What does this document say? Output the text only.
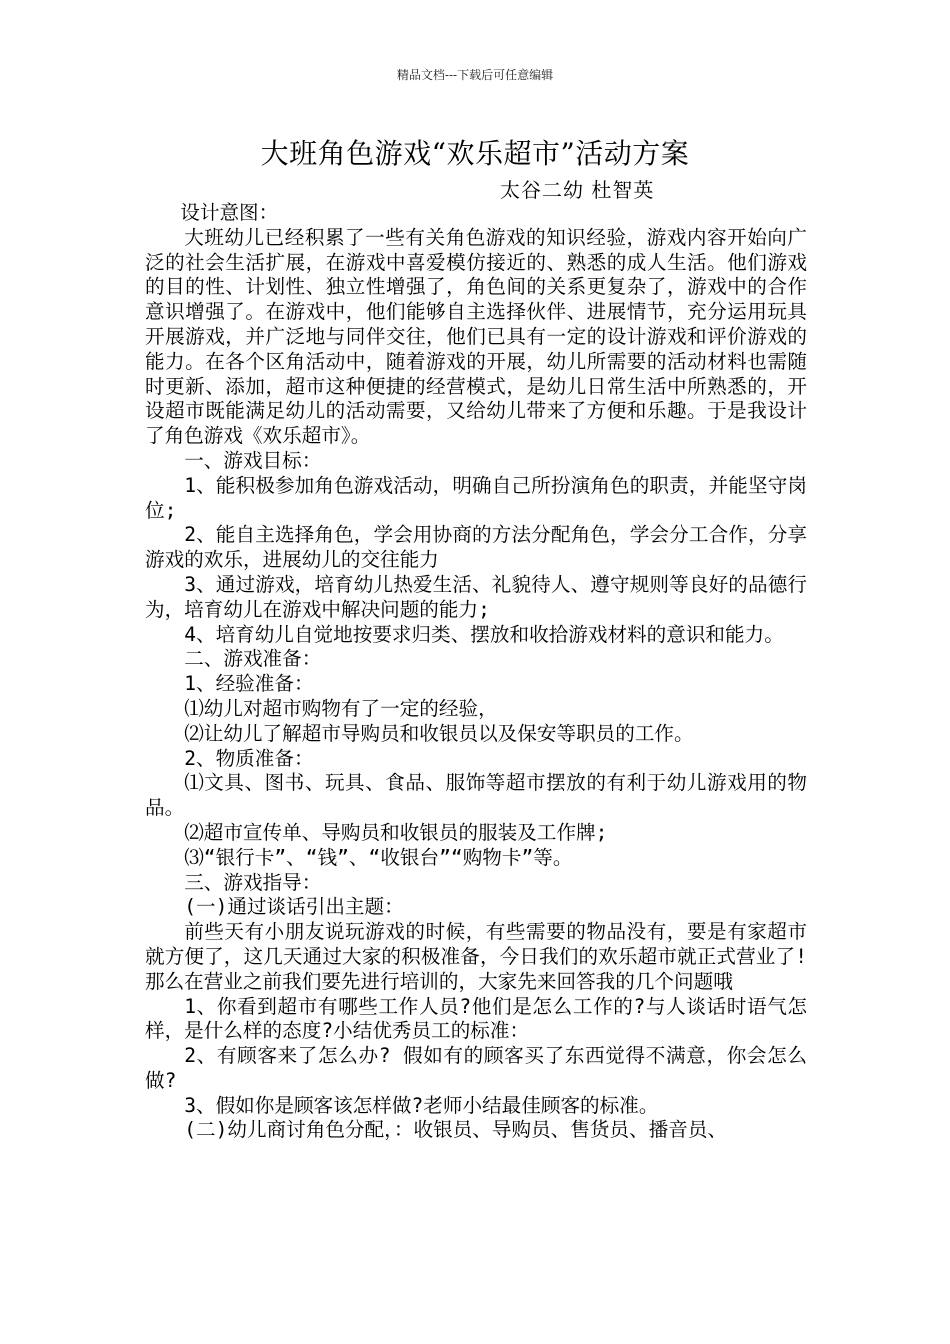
精品文档---下载后可任意编辑
大班角色游戏“欢乐超市”活动方案
太谷二幼 杜智英

设计意图：

大班幼儿已经积累了一些有关角色游戏的知识经验，游戏内容开始向广泛的社会生活扩展，在游戏中喜爱模仿接近的、熟悉的成人生活。他们游戏的目的性、计划性、独立性增强了，角色间的关系更复杂了，游戏中的合作意识增强了。在游戏中，他们能够自主选择伙伴、进展情节，充分运用玩具开展游戏，并广泛地与同伴交往，他们已具有一定的设计游戏和评价游戏的能力。在各个区角活动中，随着游戏的开展，幼儿所需要的活动材料也需随时更新、添加，超市这种便捷的经营模式，是幼儿日常生活中所熟悉的，开设超市既能满足幼儿的活动需要，又给幼儿带来了方便和乐趣。于是我设计了角色游戏《欢乐超市》。

一、游戏目标：

1、能积极参加角色游戏活动，明确自己所扮演角色的职责，并能坚守岗位;

2、能自主选择角色，学会用协商的方法分配角色，学会分工合作，分享游戏的欢乐，进展幼儿的交往能力

3、通过游戏，培育幼儿热爱生活、礼貌待人、遵守规则等良好的品德行为，培育幼儿在游戏中解决问题的能力;

4、培育幼儿自觉地按要求归类、摆放和收拾游戏材料的意识和能力。

二、游戏准备：

1、经验准备：

⑴幼儿对超市购物有了一定的经验，

⑵让幼儿了解超市导购员和收银员以及保安等职员的工作。

2、物质准备：

⑴文具、图书、玩具、食品、服饰等超市摆放的有利于幼儿游戏用的物品。

⑵超市宣传单、导购员和收银员的服装及工作牌;

⑶“银行卡”、“钱”、“收银台”“购物卡”等。

三、游戏指导：

(一)通过谈话引出主题：

前些天有小朋友说玩游戏的时候，有些需要的物品没有，要是有家超市就方便了，这几天通过大家的积极准备，今日我们的欢乐超市就正式营业了!那么在营业之前我们要先进行培训的，大家先来回答我的几个问题哦

1、你看到超市有哪些工作人员?他们是怎么工作的?与人谈话时语气怎样，是什么样的态度?小结优秀员工的标准：

2、有顾客来了怎么办? 假如有的顾客买了东西觉得不满意，你会怎么做?

3、假如你是顾客该怎样做?老师小结最佳顾客的标准。

(二)幼儿商讨角色分配，：收银员、导购员、售货员、播音员、
